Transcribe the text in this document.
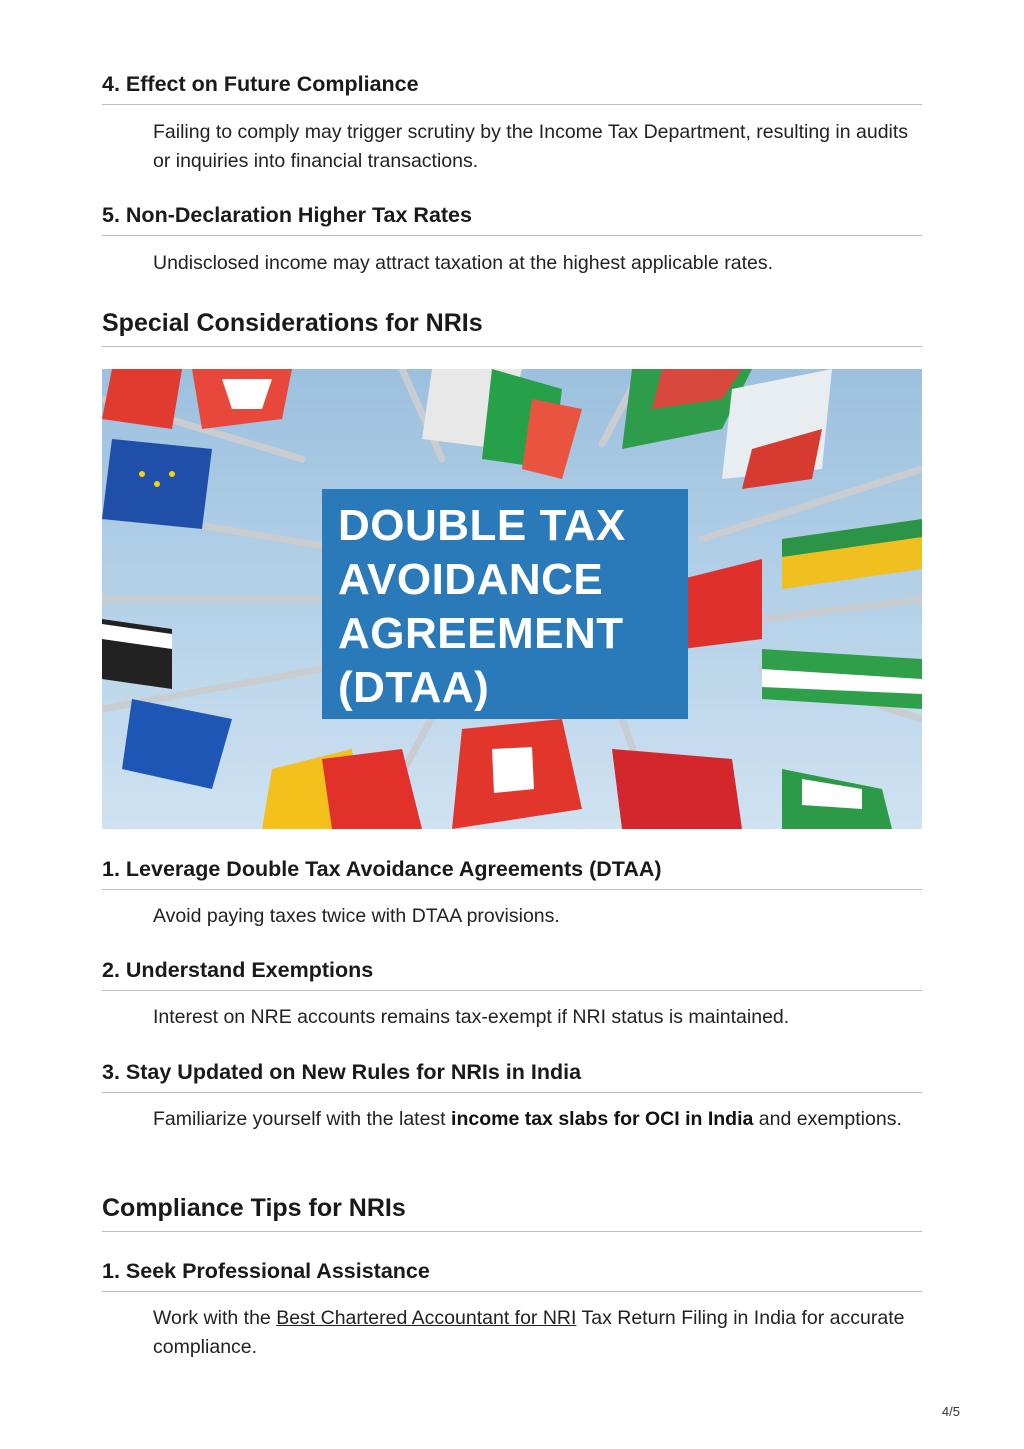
4. Effect on Future Compliance
Failing to comply may trigger scrutiny by the Income Tax Department, resulting in audits or inquiries into financial transactions.
5. Non-Declaration Higher Tax Rates
Undisclosed income may attract taxation at the highest applicable rates.
Special Considerations for NRIs
DOUBLE TAX
AVOIDANCE
AGREEMENT
(DTAA)
1. Leverage Double Tax Avoidance Agreements (DTAA)
Avoid paying taxes twice with DTAA provisions.
2. Understand Exemptions
Interest on NRE accounts remains tax-exempt if NRI status is maintained.
3. Stay Updated on New Rules for NRIs in India
Familiarize yourself with the latest income tax slabs for OCI in India and exemptions.
Compliance Tips for NRIs
1. Seek Professional Assistance
Work with the Best Chartered Accountant for NRI Tax Return Filing in India for accurate compliance.
4/5
